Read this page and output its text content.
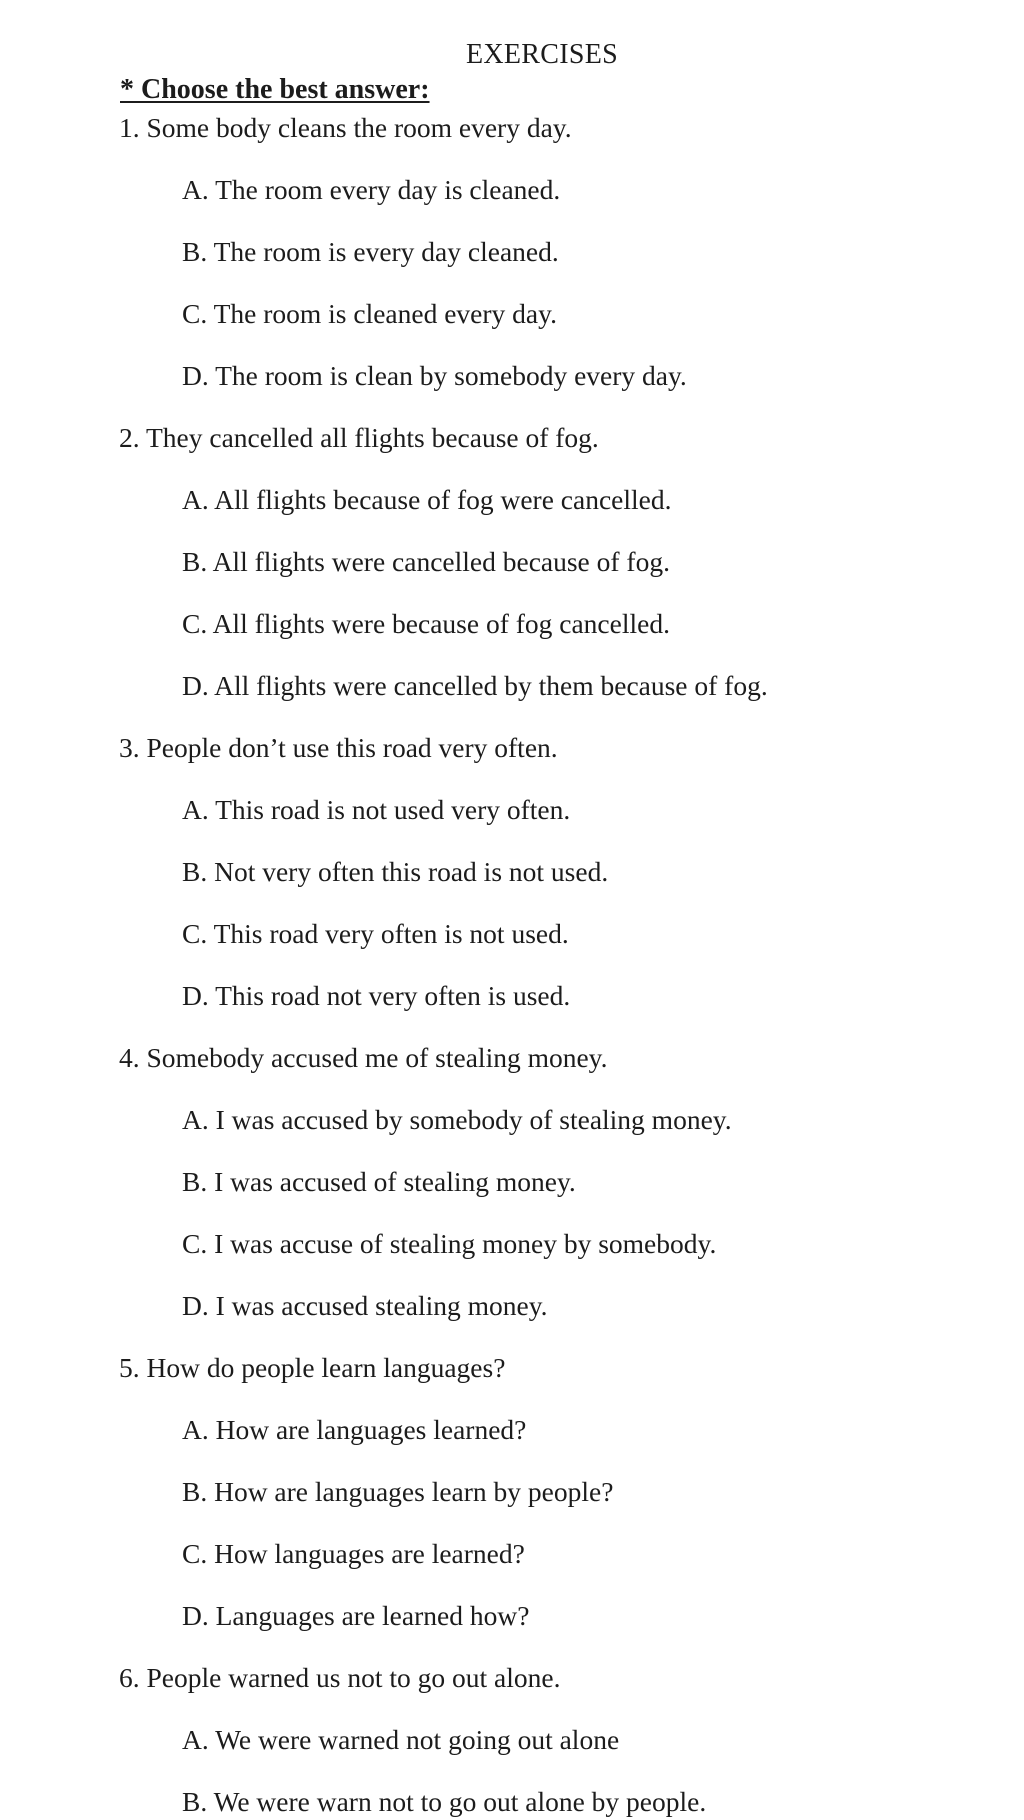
EXERCISES
* Choose the best answer:
1. Some body cleans the room every day.
A. The room every day is cleaned.
B. The room is every day cleaned.
C. The room is cleaned every day.
D. The room is clean by somebody every day.
2. They cancelled all flights because of fog.
A. All flights because of fog were cancelled.
B. All flights were cancelled because of fog.
C. All flights were because of fog cancelled.
D. All flights were cancelled by them because of fog.
3. People don’t use this road very often.
A. This road is not used very often.
B. Not very often this road is not used.
C. This road very often is not used.
D. This road not very often is used.
4. Somebody accused me of stealing money.
A. I was accused by somebody of stealing money.
B. I was accused of stealing money.
C. I was accuse of stealing money by somebody.
D. I was accused stealing money.
5. How do people learn languages?
A. How are languages learned?
B. How are languages learn by people?
C. How languages are learned?
D. Languages are learned how?
6. People warned us not to go out alone.
A. We were warned not going out alone
B. We were warn not to go out alone by people.
